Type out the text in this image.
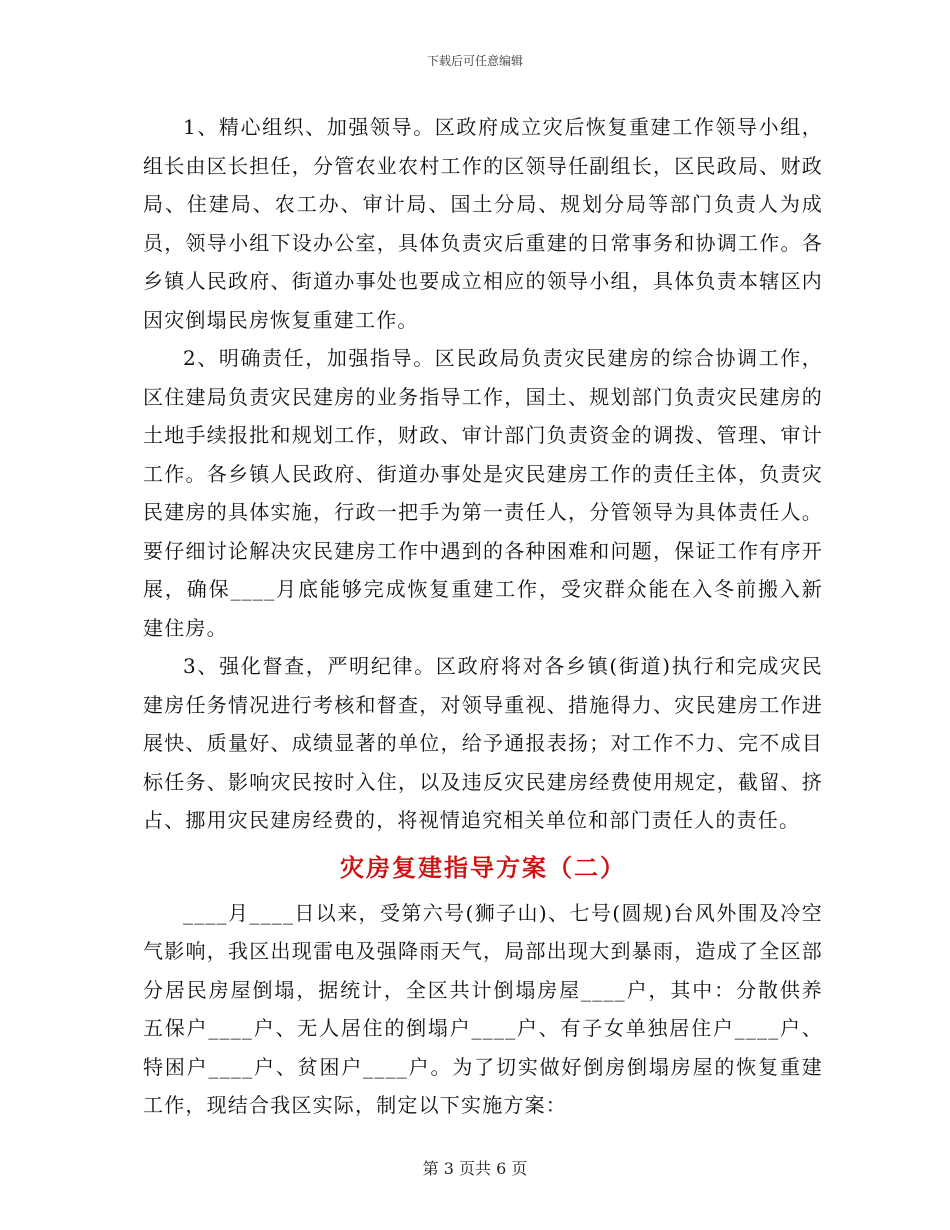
下载后可任意编辑

1、精心组织、加强领导。区政府成立灾后恢复重建工作领导小组，组长由区长担任，分管农业农村工作的区领导任副组长，区民政局、财政局、住建局、农工办、审计局、国土分局、规划分局等部门负责人为成员，领导小组下设办公室，具体负责灾后重建的日常事务和协调工作。各乡镇人民政府、街道办事处也要成立相应的领导小组，具体负责本辖区内因灾倒塌民房恢复重建工作。

2、明确责任，加强指导。区民政局负责灾民建房的综合协调工作，区住建局负责灾民建房的业务指导工作，国土、规划部门负责灾民建房的土地手续报批和规划工作，财政、审计部门负责资金的调拨、管理、审计工作。各乡镇人民政府、街道办事处是灾民建房工作的责任主体，负责灾民建房的具体实施，行政一把手为第一责任人，分管领导为具体责任人。要仔细讨论解决灾民建房工作中遇到的各种困难和问题，保证工作有序开展，确保____月底能够完成恢复重建工作，受灾群众能在入冬前搬入新建住房。

3、强化督查，严明纪律。区政府将对各乡镇(街道)执行和完成灾民建房任务情况进行考核和督查，对领导重视、措施得力、灾民建房工作进展快、质量好、成绩显著的单位，给予通报表扬；对工作不力、完不成目标任务、影响灾民按时入住，以及违反灾民建房经费使用规定，截留、挤占、挪用灾民建房经费的，将视情追究相关单位和部门责任人的责任。

灾房复建指导方案（二）

____月____日以来，受第六号(狮子山)、七号(圆规)台风外围及冷空气影响，我区出现雷电及强降雨天气，局部出现大到暴雨，造成了全区部分居民房屋倒塌，据统计，全区共计倒塌房屋____户，其中：分散供养五保户____户、无人居住的倒塌户____户、有子女单独居住户____户、特困户____户、贫困户____户。为了切实做好倒房倒塌房屋的恢复重建工作，现结合我区实际，制定以下实施方案：

第 3 页共 6 页
